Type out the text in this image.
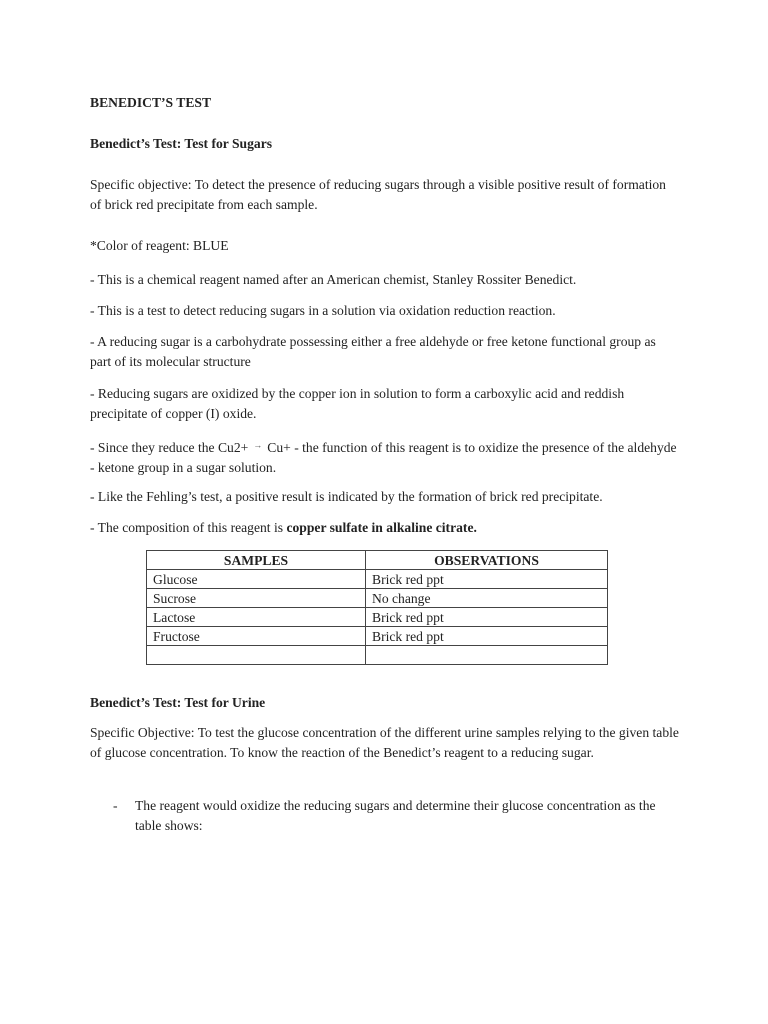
BENEDICT’S TEST

Benedict’s Test: Test for Sugars

Specific objective: To detect the presence of reducing sugars through a visible positive result of formation of brick red precipitate from each sample.

*Color of reagent: BLUE

- This is a chemical reagent named after an American chemist, Stanley Rossiter Benedict.

- This is a test to detect reducing sugars in a solution via oxidation reduction reaction.

- A reducing sugar is a carbohydrate possessing either a free aldehyde or free ketone functional group as part of its molecular structure

- Reducing sugars are oxidized by the copper ion in solution to form a carboxylic acid and reddish precipitate of copper (I) oxide.

- Since they reduce the Cu2+ → Cu+ - the function of this reagent is to oxidize the presence of the aldehyde - ketone group in a sugar solution.

- Like the Fehling’s test, a positive result is indicated by the formation of brick red precipitate.

- The composition of this reagent is copper sulfate in alkaline citrate.

SAMPLES	OBSERVATIONS
Glucose	Brick red ppt
Sucrose	No change
Lactose	Brick red ppt
Fructose	Brick red ppt

Benedict’s Test: Test for Urine

Specific Objective: To test the glucose concentration of the different urine samples relying to the given table of glucose concentration. To know the reaction of the Benedict’s reagent to a reducing sugar.

- The reagent would oxidize the reducing sugars and determine their glucose concentration as the table shows:
